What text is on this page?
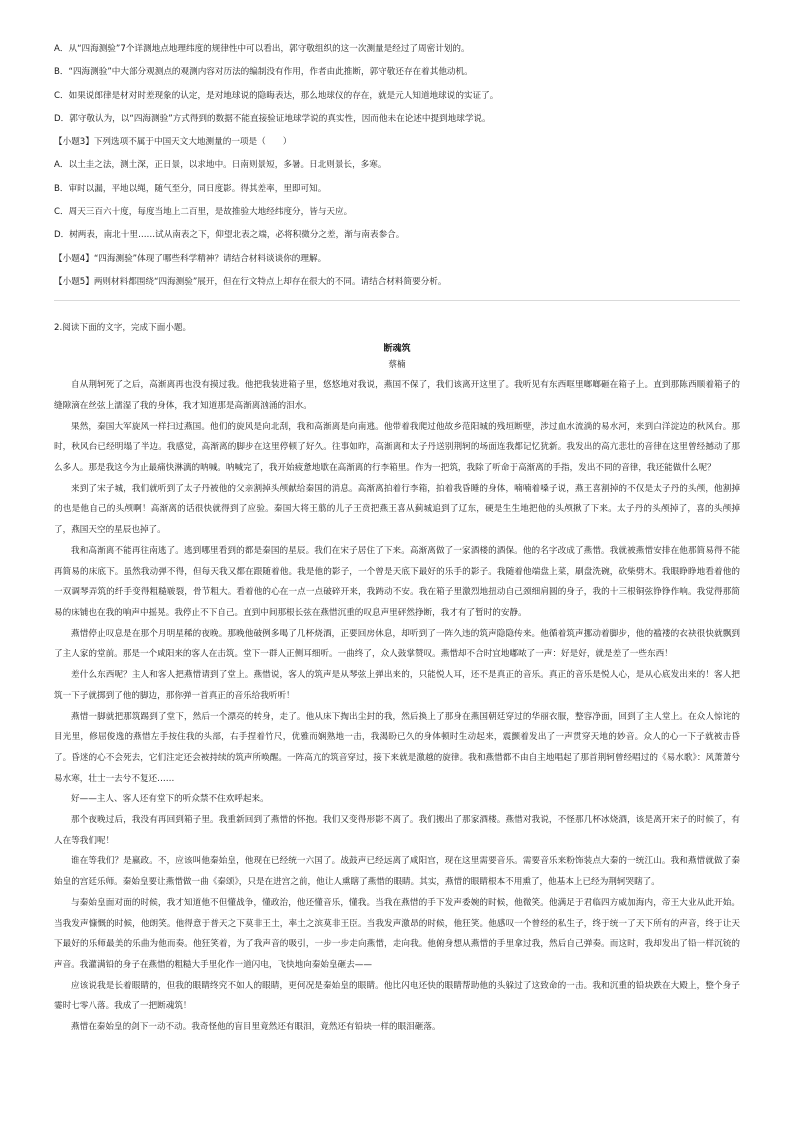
A．从“四海测验”7个详测地点地理纬度的规律性中可以看出，郭守敬组织的这一次测量是经过了周密计划的。

B．“四海测验”中大部分观测点的观测内容对历法的编制没有作用，作者由此推断，郭守敬还存在着其他动机。

C．如果说郎律是材对时差现象的认定，是对地球说的隐晦表达，那么地球仪的存在，就是元人知道地球说的实证了。

D．郭守敬认为，以“四海测验”方式得到的数据不能直接验证地球学说的真实性，因而他未在论述中提到地球学说。

【小题3】下列选项不属于中国天文大地测量的一项是（　　）

A．以土圭之法，测土深，正日景，以求地中。日南则景短，多暑。日北则景长，多寒。

B．审时以漏，平地以绳，随气至分，同日度影。得其差率，里即可知。

C．周天三百六十度，每度当地上二百里，是故推验大地经纬度分，皆与天应。

D．树两表，南北十里……试从南表之下，仰望北表之端，必将积微分之差，渐与南表参合。

【小题4】“四海测验”体现了哪些科学精神？请结合材料谈谈你的理解。

【小题5】两则材料都围绕“四海测验”展开，但在行文特点上却存在很大的不同。请结合材料简要分析。

2.阅读下面的文字，完成下面小题。

断魂筑

蔡楠

自从荆轲死了之后，高渐离再也没有摸过我。他把我装进箱子里，悠悠地对我说，燕国不保了，我们该离开这里了。我听见有东西哐里啷啷砸在箱子上。直到那陈西顺着箱子的缝隙滴在丝弦上濡湿了我的身体，我才知道那是高渐离汹涌的泪水。

果然，秦国大军旋风一样扫过燕国。他们的旋风是向北刮，我和高渐离是向南逃。他带着我爬过他故乡范阳城的残垣断壁，涉过血水流淌的易水河，来到白洋淀边的秋风台。那时，秋风台已经明塌了半边。我感觉，高渐离的脚步在这里停顿了好久。往事如昨，高渐离和太子丹送别荆轲的场面连我都记忆犹新。我发出的高亢悲壮的音律在这里曾经撼动了那么多人。那是我这今为止最痛快淋漓的呐喊。呐喊完了，我开始疲惫地歇在高渐离的行李箱里。作为一把筑，我除了听命于高渐离的手指，发出不同的音律，我还能做什么呢？

来到了宋子城，我们就听到了太子丹被他的父亲割掉头颅献给秦国的消息。高渐离拍着行李箱，拍着我昏睡的身体，喃喃着嗓子说，燕王喜割掉的不仅是太子丹的头颅，他割掉的也是他自己的头颅啊！高渐离的话很快就得到了应验。秦国大将王翦的儿子王贲把燕王喜从蓟城追到了辽东，硬是生生地把他的头颅揪了下来。太子丹的头颅掉了，喜的头颅掉了，燕国天空的星辰也掉了。

我和高渐离不能再往南逃了。逃到哪里看到的都是秦国的星辰。我们在宋子居住了下来。高渐离做了一家酒楼的酒保。他的名字改成了燕惜。我就被燕惜安排在他那简易得不能再简易的床底下。虽然我动弹不得，但每天我又都在跟随着他。我是他的影子，一个曾是天底下最好的乐手的影子。我随着他端盘上菜，刷盘洗碗，砍柴劈木。我眼睁睁地看着他的一双调琴弄筑的纤手变得粗糙皲裂，骨节粗大。看着他的心在一点一点破碎开来，我踌动不安。我在箱子里激烈地扭动自己颈细肩圆的身子，我的十三根铜弦铮铮作响。我觉得那简易的床铺也在我的响声中摇晃。我停止不下自己。直到中间那根长弦在燕惜沉重的叹息声里砰然挣断，我才有了暂时的安静。

燕惜停止叹息是在那个月明星稀的夜晚。那晚他破例多喝了几杯烧酒，正要回房休息，却听到了一阵久违的筑声隐隐传来。他循着筑声挪动着脚步，他的褴褛的衣袂很快就飘到了主人家的堂前。那是一个咸阳来的客人在击筑。堂下一群人正侧耳细听。一曲终了，众人鼓掌赞叹。燕惜却不合时宜地嘟哝了一声：好是好，就是差了一些东西！

差什么东西呢？主人和客人把燕惜请到了堂上。燕惜说，客人的筑声是从琴弦上弹出来的，只能悦人耳，还不是真正的音乐。真正的音乐是悦人心，是从心底发出来的！客人把筑一下子就掷到了他的脚边，那你弹一首真正的音乐给我听听！

燕惜一脚就把那筑踢到了堂下，然后一个漂亮的转身，走了。他从床下掏出尘封的我，然后换上了那身在燕国朝廷穿过的华丽衣服，整容净面，回到了主人堂上。在众人惊诧的目光里，修屈俊逸的燕惜左手按住我的头部，右手捏着竹尺，优雅而娴熟地一击，我渴盼已久的身体顿时生动起来，震颤着发出了一声贯穿天地的妙音。众人的心一下子就被击昏了。昏迷的心不会死去，它们注定还会被持续的筑声所唤醒。一阵高亢的筑音穿过，接下来就是激越的旋律。我和燕惜都不由自主地唱起了那首荆轲曾经唱过的《易水歌》：风萧萧兮易水寒，壮士一去兮不复还……

好——主人、客人还有堂下的听众禁不住欢呼起来。

那个夜晚过后，我没有再回到箱子里。我重新回到了燕惜的怀抱。我们又变得形影不离了。我们搬出了那家酒楼。燕惜对我说，不怪那几杯冰烧酒，该是离开宋子的时候了，有人在等我们呢！

谁在等我们？是嬴政。不，应该叫他秦始皇，他现在已经统一六国了。战鼓声已经远离了咸阳宫，现在这里需要音乐。需要音乐来粉饰装点大秦的一统江山。我和燕惜就做了秦始皇的宫廷乐师。秦始皇要让燕惜做一曲《秦颂》，只是在进宫之前，他让人熏瞎了燕惜的眼睛。其实，燕惜的眼睛根本不用熏了，他基本上已经为荆轲哭瞎了。

与秦始皇面对面的时候，我才知道他不但懂战争，懂政治，他还懂音乐，懂我。当我在燕惜的手下发声委婉的时候，他微笑。他满足于君临四方威加海内，帝王大业从此开始。当我发声慷慨的时候，他朗笑。他得意于普天之下莫非王土，率土之滨莫非王臣。当我发声激昂的时候，他狂笑。他感叹一个曾经的私生子，终于统一了天下所有的声音，终于让天下最好的乐师最美的乐曲为他而奏。他狂笑着，为了我声音的吸引，一步一步走向燕惜，走向我。他俯身想从燕惜的手里拿过我，然后自己弹奏。而这时，我却发出了铅一样沉铳的声音。我灌满铅的身子在燕惜的粗糙大手里化作一道闪电，飞快地向秦始皇砸去——

应该说我是长着眼睛的，但我的眼睛终究不如人的眼睛，更何况是秦始皇的眼睛。他比闪电还快的眼睛帮助他的头躲过了这致命的一击。我和沉重的铅块跌在大殿上，整个身子霎时七零八落。我成了一把断魂筑！

燕惜在秦始皇的剑下一动不动。我奇怪他的盲目里竟然还有眼泪，竟然还有铅块一样的眼泪砸落。
